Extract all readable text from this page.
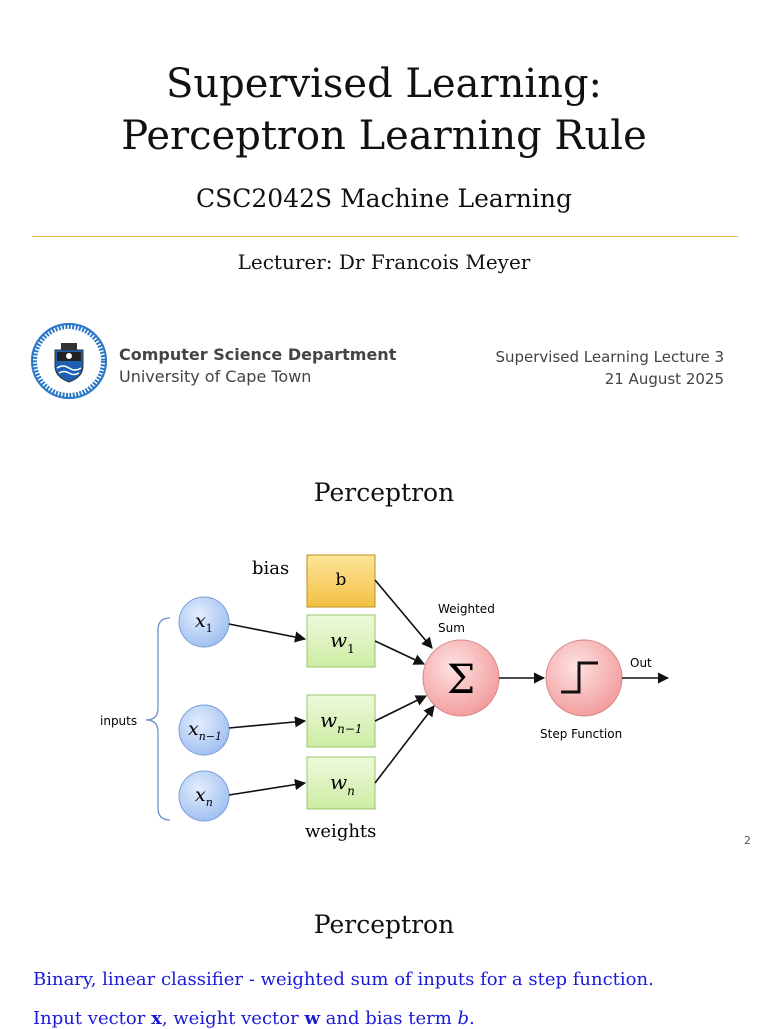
Supervised Learning:
Perceptron Learning Rule
CSC2042S Machine Learning
Lecturer: Dr Francois Meyer
Computer Science Department
University of Cape Town
Supervised Learning Lecture 3
21 August 2025
Perceptron
bias
b
$w_1$
$w_{n-1}$
$w_n$
$x_1$
$x_{n-1}$
$x_n$
Σ
Weighted
Sum
Step Function
Out
inputs
weights	2
Perceptron
Binary, linear classifier - weighted sum of inputs for a step function.
Input vector x, weight vector w and bias term b.
